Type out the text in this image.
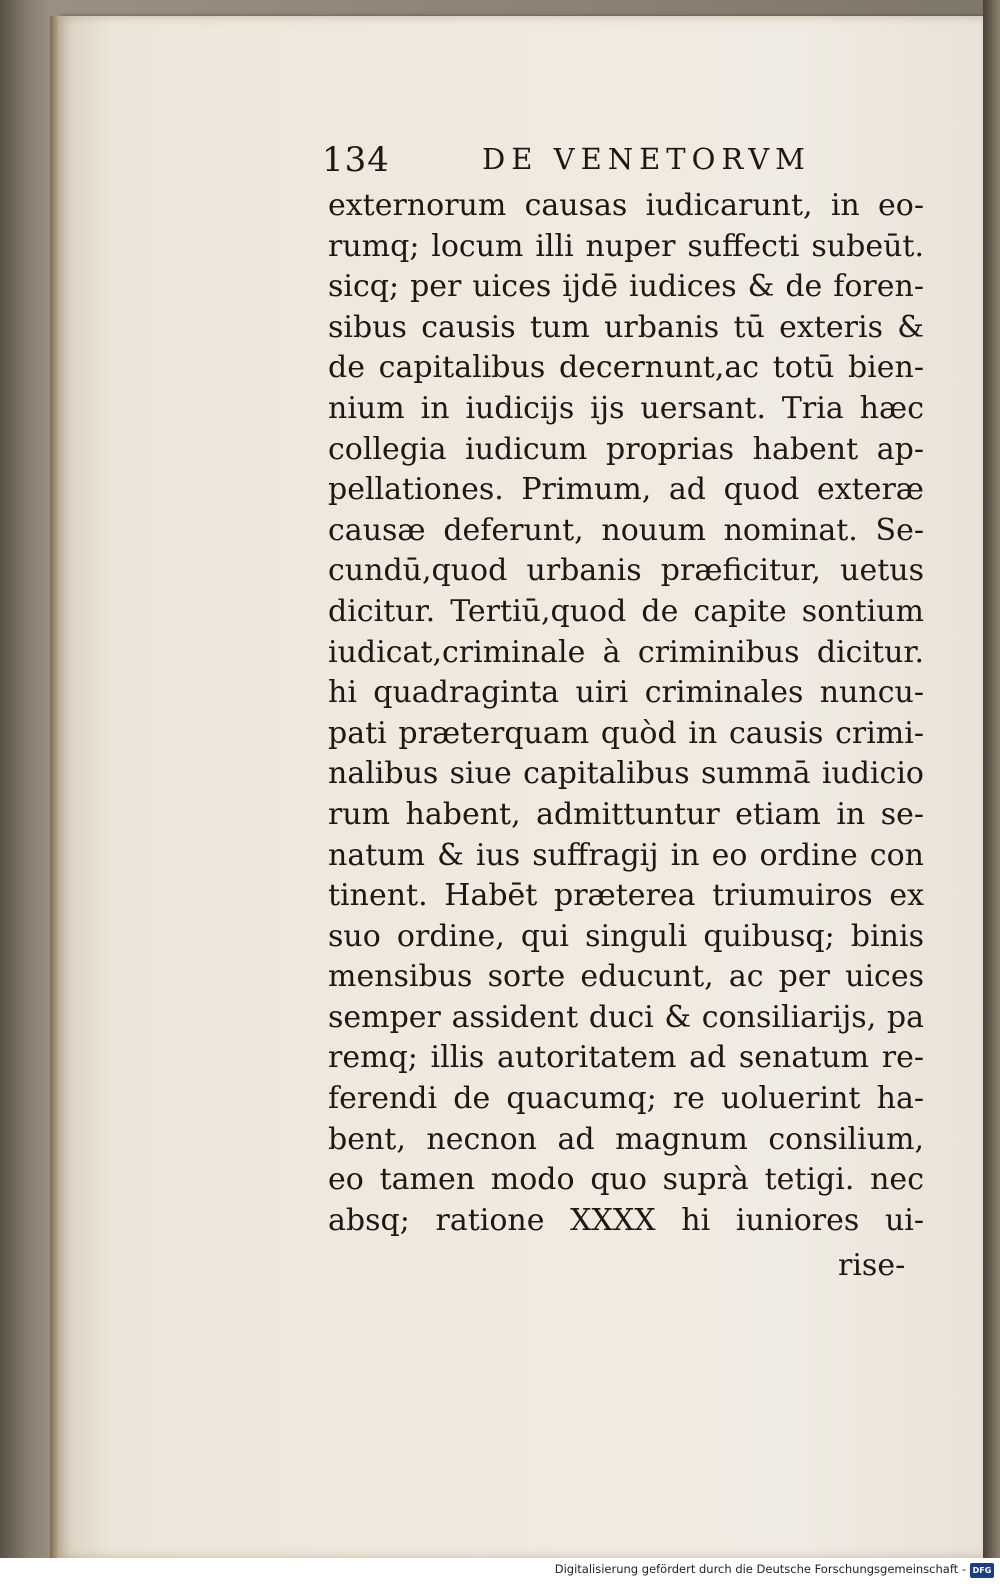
134	DE VENETORVM
externorum causas iudicarunt, in eo-
rumq; locum illi nuper suffecti subeūt.
sicq; per uices ijdē iudices & de foren-
sibus causis tum urbanis tū exteris &
de capitalibus decernunt,ac totū bien-
nium in iudicijs ijs uersant. Tria hæc
collegia iudicum proprias habent ap-
pellationes. Primum, ad quod exteræ
causæ deferunt, nouum nominat. Se-
cundū,quod urbanis præficitur, uetus
dicitur. Tertiū,quod de capite sontium
iudicat,criminale à criminibus dicitur.
hi quadraginta uiri criminales nuncu-
pati præterquam quòd in causis crimi-
nalibus siue capitalibus summā iudicio
rum habent, admittuntur etiam in se-
natum & ius suffragij in eo ordine con
tinent. Habēt præterea triumuiros ex
suo ordine, qui singuli quibusq; binis
mensibus sorte educunt, ac per uices
semper assident duci & consiliarijs, pa
remq; illis autoritatem ad senatum re-
ferendi de quacumq; re uoluerint ha-
bent, necnon ad magnum consilium,
eo tamen modo quo suprà tetigi. nec
absq; ratione XXXX hi iuniores ui-
rise-
Digitalisierung gefördert durch die Deutsche Forschungsgemeinschaft - DFG
